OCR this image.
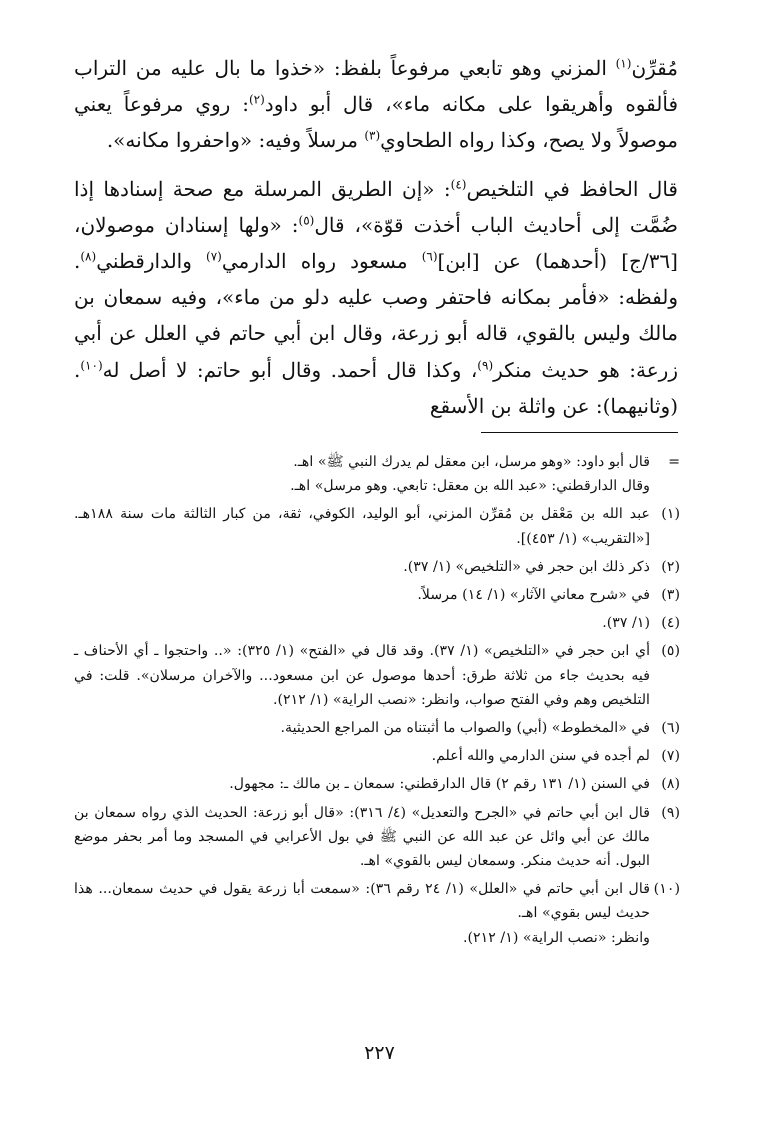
مُقرِّن$^{(١)}$ المزني وهو تابعي مرفوعاً بلفظ: «خذوا ما بال عليه من التراب فألقوه وأهريقوا على مكانه ماء»، قال أبو داود$^{(٢)}$: روي مرفوعاً يعني موصولاً ولا يصح، وكذا رواه الطحاوي$^{(٣)}$ مرسلاً وفيه: «واحفروا مكانه».

قال الحافظ في التلخيص$^{(٤)}$: «إن الطريق المرسلة مع صحة إسنادها إذا ضُمَّت إلى أحاديث الباب أخذت قوّة»، قال$^{(٥)}$: «ولها إسنادان موصولان، [٣٦/ج] (أحدهما) عن [ابن]$^{(٦)}$ مسعود رواه الدارمي$^{(٧)}$ والدارقطني$^{(٨)}$. ولفظه: «فأمر بمكانه فاحتفر وصب عليه دلو من ماء»، وفيه سمعان بن مالك وليس بالقوي، قاله أبو زرعة، وقال ابن أبي حاتم في العلل عن أبي زرعة: هو حديث منكر$^{(٩)}$، وكذا قال أحمد. وقال أبو حاتم: لا أصل له$^{(١٠)}$. (وثانيهما): عن واثلة بن الأسقع

=
قال أبو داود: «وهو مرسل، ابن معقل لم يدرك النبي ﷺ» اهـ.
وقال الدارقطني: «عبد الله بن معقل: تابعي. وهو مرسل» اهـ.
(١)
عبد الله بن مَعْقل بن مُقرِّن المزني، أبو الوليد، الكوفي، ثقة، من كبار الثالثة مات سنة ١٨٨هـ. [«التقريب» (١/ ٤٥٣)].
(٢)
ذكر ذلك ابن حجر في «التلخيص» (١/ ٣٧).
(٣)
في «شرح معاني الآثار» (١/ ١٤) مرسلاً.
(٤)
(١/ ٣٧).
(٥)
أي ابن حجر في «التلخيص» (١/ ٣٧). وقد قال في «الفتح» (١/ ٣٢٥): «.. واحتجوا ـ أي الأحناف ـ فيه بحديث جاء من ثلاثة طرق: أحدها موصول عن ابن مسعود... والآخران مرسلان». قلت: في التلخيص وهم وفي الفتح صواب، وانظر: «نصب الراية» (١/ ٢١٢).
(٦)
في «المخطوط» (أبي) والصواب ما أثبتناه من المراجع الحديثية.
(٧)
لم أجده في سنن الدارمي والله أعلم.
(٨)
في السنن (١/ ١٣١ رقم ٢) قال الدارقطني: سمعان ـ بن مالك ـ: مجهول.
(٩)
قال ابن أبي حاتم في «الجرح والتعديل» (٤/ ٣١٦): «قال أبو زرعة: الحديث الذي رواه سمعان بن مالك عن أبي وائل عن عبد الله عن النبي ﷺ في بول الأعرابي في المسجد وما أمر بحفر موضع البول. أنه حديث منكر. وسمعان ليس بالقوي» اهـ.
(١٠)
قال ابن أبي حاتم في «العلل» (١/ ٢٤ رقم ٣٦): «سمعت أبا زرعة يقول في حديث سمعان... هذا حديث ليس بقوي» اهـ.
وانظر: «نصب الراية» (١/ ٢١٢).
٢٢٧
